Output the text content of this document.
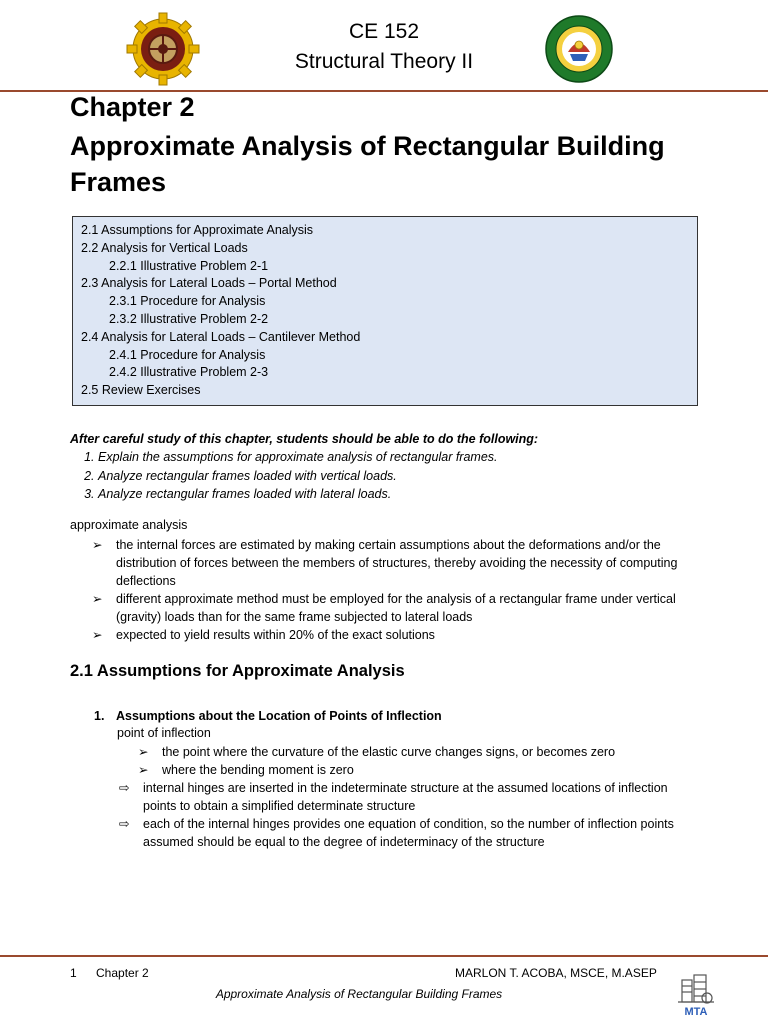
CE 152
Structural Theory II
Chapter 2
Approximate Analysis of Rectangular Building Frames
2.1 Assumptions for Approximate Analysis
2.2 Analysis for Vertical Loads
2.2.1 Illustrative Problem 2-1
2.3 Analysis for Lateral Loads – Portal Method
2.3.1 Procedure for Analysis
2.3.2 Illustrative Problem 2-2
2.4 Analysis for Lateral Loads – Cantilever Method
2.4.1 Procedure for Analysis
2.4.2 Illustrative Problem 2-3
2.5 Review Exercises
After careful study of this chapter, students should be able to do the following:
1. Explain the assumptions for approximate analysis of rectangular frames.
2. Analyze rectangular frames loaded with vertical loads.
3. Analyze rectangular frames loaded with lateral loads.
approximate analysis
➢ the internal forces are estimated by making certain assumptions about the deformations and/or the distribution of forces between the members of structures, thereby avoiding the necessity of computing deflections
➢ different approximate method must be employed for the analysis of a rectangular frame under vertical (gravity) loads than for the same frame subjected to lateral loads
➢ expected to yield results within 20% of the exact solutions
2.1 Assumptions for Approximate Analysis
1. Assumptions about the Location of Points of Inflection
point of inflection
➢ the point where the curvature of the elastic curve changes signs, or becomes zero
➢ where the bending moment is zero
⇨ internal hinges are inserted in the indeterminate structure at the assumed locations of inflection points to obtain a simplified determinate structure
⇨ each of the internal hinges provides one equation of condition, so the number of inflection points assumed should be equal to the degree of indeterminacy of the structure
1 Chapter 2	MARLON T. ACOBA, MSCE, M.ASEP
Approximate Analysis of Rectangular Building Frames
MTA
